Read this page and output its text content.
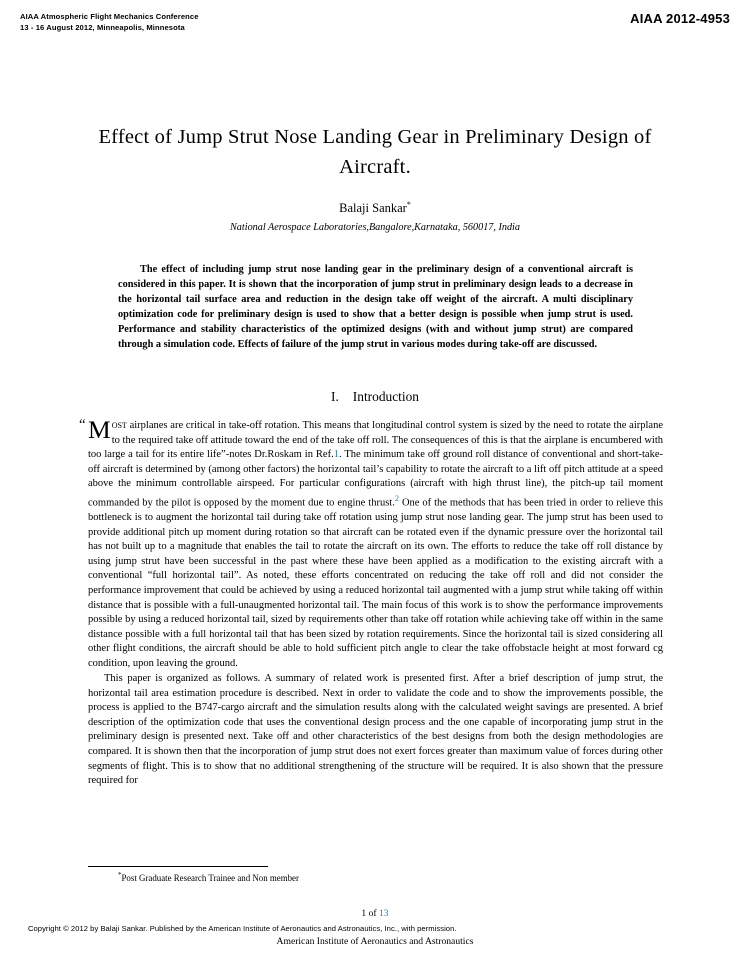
AIAA Atmospheric Flight Mechanics Conference
13 - 16 August 2012, Minneapolis, Minnesota
AIAA 2012-4953
Effect of Jump Strut Nose Landing Gear in Preliminary Design of Aircraft.
Balaji Sankar*
National Aerospace Laboratories,Bangalore,Karnataka, 560017, India
The effect of including jump strut nose landing gear in the preliminary design of a conventional aircraft is considered in this paper. It is shown that the incorporation of jump strut in preliminary design leads to a decrease in the horizontal tail surface area and reduction in the design take off weight of the aircraft. A multi disciplinary optimization code for preliminary design is used to show that a better design is possible when jump strut is used. Performance and stability characteristics of the optimized designs (with and without jump strut) are compared through a simulation code. Effects of failure of the jump strut in various modes during take-off are discussed.
I. Introduction

“ M ost airplanes are critical in take-off rotation. This means that longitudinal control system is sized by the need to rotate the airplane to the required take off attitude toward the end of the take off roll. The consequences of this is that the airplane is encumbered with too large a tail for its entire life”-notes Dr.Roskam in Ref.1. The minimum take off ground roll distance of conventional and short-take-off aircraft is determined by (among other factors) the horizontal tail’s capability to rotate the aircraft to a lift off pitch attitude at a speed above the minimum controllable airspeed. For particular configurations (aircraft with high thrust line), the pitch-up tail moment commanded by the pilot is opposed by the moment due to engine thrust.$^2$ One of the methods that has been tried in order to relieve this bottleneck is to augment the horizontal tail during take off rotation using jump strut nose landing gear. The jump strut has been used to provide additional pitch up moment during rotation so that aircraft can be rotated even if the dynamic pressure over the horizontal tail has not built up to a magnitude that enables the tail to rotate the aircraft on its own. The efforts to reduce the take off roll distance by using jump strut have been successful in the past where these have been applied as a modification to the existing aircraft with a conventional “full horizontal tail”. As noted, these efforts concentrated on reducing the take off roll and did not consider the performance improvement that could be achieved by using a reduced horizontal tail augmented with a jump strut while taking off within distance that is possible with a full-unaugmented horizontal tail. The main focus of this work is to show the performance improvements possible by using a reduced horizontal tail, sized by requirements other than take off rotation while achieving take off within in the same distance possible with a full horizontal tail that has been sized by rotation requirements. Since the horizontal tail is sized considering all other flight conditions, the aircraft should be able to hold sufficient pitch angle to clear the take offobstacle height at most forward cg condition, upon leaving the ground.

This paper is organized as follows. A summary of related work is presented first. After a brief description of jump strut, the horizontal tail area estimation procedure is described. Next in order to validate the code and to show the improvements possible, the process is applied to the B747-cargo aircraft and the simulation results along with the calculated weight savings are presented. A brief description of the optimization code that uses the conventional design process and the one capable of incorporating jump strut in the preliminary design is presented next. Take off and other characteristics of the best designs from both the design methodologies are compared. It is shown then that the incorporation of jump strut does not exert forces greater than maximum value of forces during other segments of flight. This is to show that no additional strengthening of the structure will be required. It is also shown that the pressure required for

*Post Graduate Research Trainee and Non member
1 of 13
Copyright © 2012 by Balaji Sankar. Published by the American Institute of Aeronautics and Astronautics, Inc., with permission.
American Institute of Aeronautics and Astronautics
